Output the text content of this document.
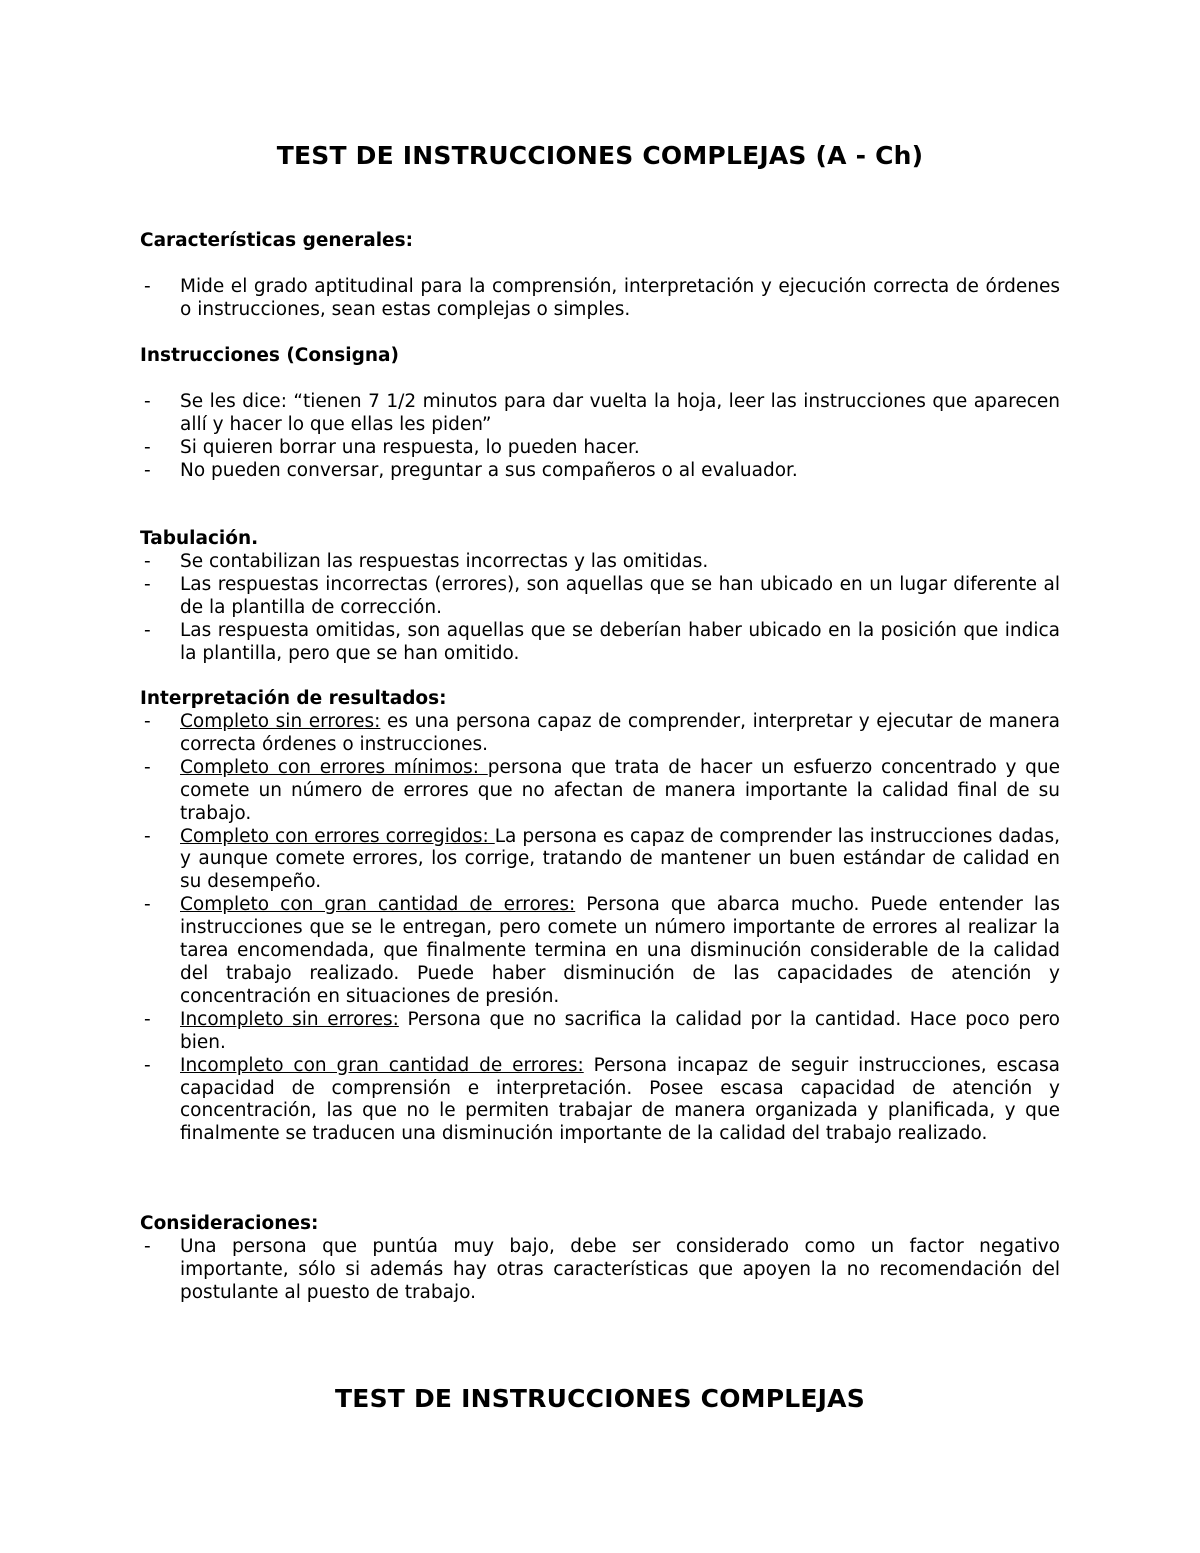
TEST DE INSTRUCCIONES COMPLEJAS (A - Ch)
Características generales:
- Mide el grado aptitudinal para la comprensión, interpretación y ejecución correcta de órdenes o instrucciones, sean estas complejas o simples.
Instrucciones (Consigna)
- Se les dice: “tienen 7 1/2 minutos para dar vuelta la hoja, leer las instrucciones que aparecen allí y hacer lo que ellas les piden”
- Si quieren borrar una respuesta, lo pueden hacer.
- No pueden conversar, preguntar a sus compañeros o al evaluador.
Tabulación.
- Se contabilizan las respuestas incorrectas y las omitidas.
- Las respuestas incorrectas (errores), son aquellas que se han ubicado en un lugar diferente al de la plantilla de corrección.
- Las respuesta omitidas, son aquellas que se deberían haber ubicado en la posición que indica la plantilla, pero que se han omitido.
Interpretación de resultados:
- Completo sin errores: es una persona capaz de comprender, interpretar y ejecutar de manera correcta órdenes o instrucciones.
- Completo con errores mínimos: persona que trata de hacer un esfuerzo concentrado y que comete un número de errores que no afectan de manera importante la calidad final de su trabajo.
- Completo con errores corregidos: La persona es capaz de comprender las instrucciones dadas, y aunque comete errores, los corrige, tratando de mantener un buen estándar de calidad en su desempeño.
- Completo con gran cantidad de errores: Persona que abarca mucho. Puede entender las instrucciones que se le entregan, pero comete un número importante de errores al realizar la tarea encomendada, que finalmente termina en una disminución considerable de la calidad del trabajo realizado. Puede haber disminución de las capacidades de atención y concentración en situaciones de presión.
- Incompleto sin errores: Persona que no sacrifica la calidad por la cantidad. Hace poco pero bien.
- Incompleto con gran cantidad de errores: Persona incapaz de seguir instrucciones, escasa capacidad de comprensión e interpretación. Posee escasa capacidad de atención y concentración, las que no le permiten trabajar de manera organizada y planificada, y que finalmente se traducen una disminución importante de la calidad del trabajo realizado.
Consideraciones:
- Una persona que puntúa muy bajo, debe ser considerado como un factor negativo importante, sólo si además hay otras características que apoyen la no recomendación del postulante al puesto de trabajo.
TEST DE INSTRUCCIONES COMPLEJAS
